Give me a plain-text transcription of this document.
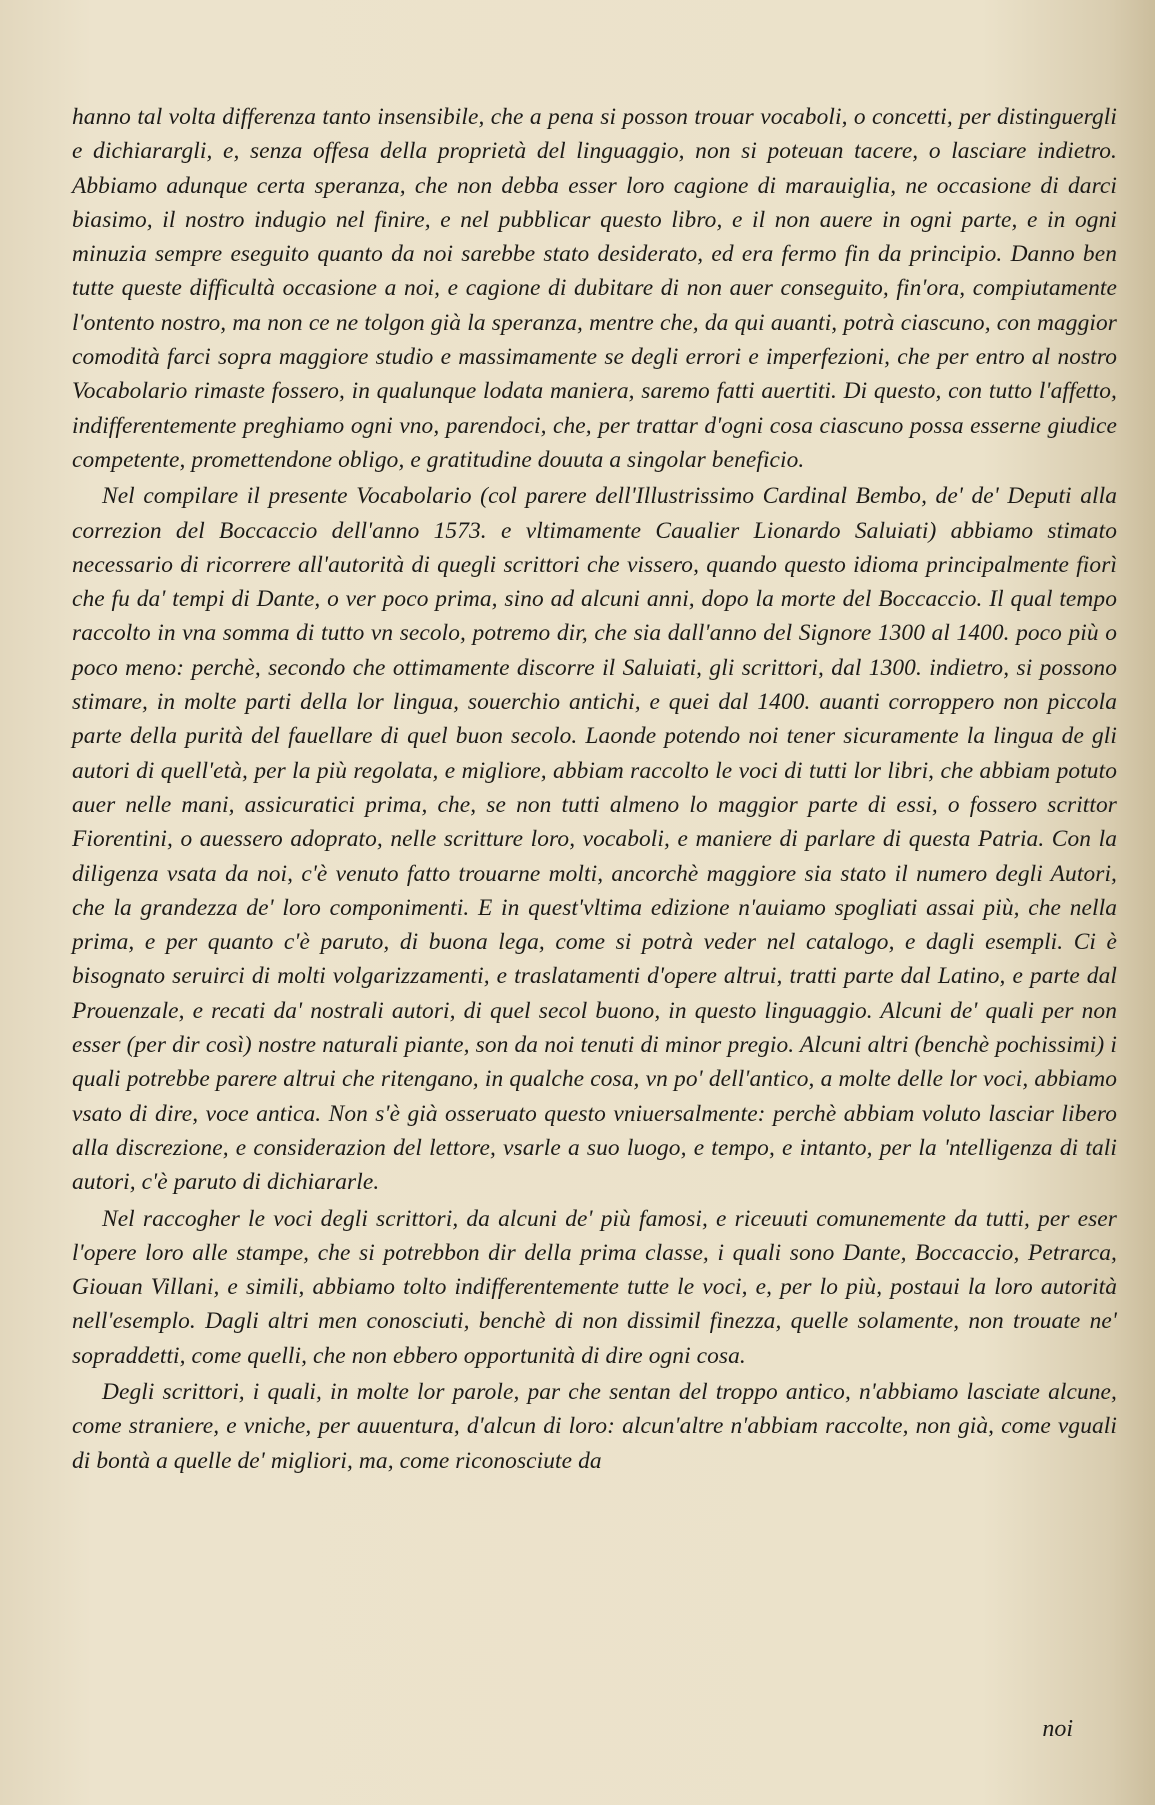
hanno tal volta differenza tanto insensibile, che a pena si posson trouar vocaboli, o concetti, per distinguergli e dichiarargli, e, senza offesa della proprietà del linguaggio, non si poteuan tacere, o lasciare indietro. Abbiamo adunque certa speranza, che non debba esser loro cagione di marauiglia, ne occasione di darci biasimo, il nostro indugio nel finire, e nel pubblicar questo libro, e il non auere in ogni parte, e in ogni minuzia sempre eseguito quanto da noi sarebbe stato desiderato, ed era fermo fin da principio. Danno ben tutte queste difficultà occasione a noi, e cagione di dubitare di non auer conseguito, fin'ora, compiutamente l'ontento nostro, ma non ce ne tolgon già la speranza, mentre che, da qui auanti, potrà ciascuno, con maggior comodità farci sopra maggiore studio e massimamente se degli errori e imperfezioni, che per entro al nostro Vocabolario rimaste fossero, in qualunque lodata maniera, saremo fatti auertiti. Di questo, con tutto l'affetto, indifferentemente preghiamo ogni vno, parendoci, che, per trattar d'ogni cosa ciascuno possa esserne giudice competente, promettendone obligo, e gratitudine douuta a singolar beneficio.

Nel compilare il presente Vocabolario (col parere dell'Illustrissimo Cardinal Bembo, de' de' Deputi alla correzion del Boccaccio dell'anno 1573. e vltimamente Caualier Lionardo Saluiati) abbiamo stimato necessario di ricorrere all'autorità di quegli scrittori che vissero, quando questo idioma principalmente fiorì che fu da' tempi di Dante, o ver poco prima, sino ad alcuni anni, dopo la morte del Boccaccio. Il qual tempo raccolto in vna somma di tutto vn secolo, potremo dir, che sia dall'anno del Signore 1300 al 1400. poco più o poco meno: perchè, secondo che ottimamente discorre il Saluiati, gli scrittori, dal 1300. indietro, si possono stimare, in molte parti della lor lingua, souerchio antichi, e quei dal 1400. auanti corroppero non piccola parte della purità del fauellare di quel buon secolo. Laonde potendo noi tener sicuramente la lingua de gli autori di quell'età, per la più regolata, e migliore, abbiam raccolto le voci di tutti lor libri, che abbiam potuto auer nelle mani, assicuratici prima, che, se non tutti almeno lo maggior parte di essi, o fossero scrittor Fiorentini, o auessero adoprato, nelle scritture loro, vocaboli, e maniere di parlare di questa Patria. Con la diligenza vsata da noi, c'è venuto fatto trouarne molti, ancorchè maggiore sia stato il numero degli Autori, che la grandezza de' loro componimenti. E in quest'vltima edizione n'auiamo spogliati assai più, che nella prima, e per quanto c'è paruto, di buona lega, come si potrà veder nel catalogo, e dagli esempli. Ci è bisognato seruirci di molti volgarizzamenti, e traslatamenti d'opere altrui, tratti parte dal Latino, e parte dal Prouenzale, e recati da' nostrali autori, di quel secol buono, in questo linguaggio. Alcuni de' quali per non esser (per dir così) nostre naturali piante, son da noi tenuti di minor pregio. Alcuni altri (benchè pochissimi) i quali potrebbe parere altrui che ritengano, in qualche cosa, vn po' dell'antico, a molte delle lor voci, abbiamo vsato di dire, voce antica. Non s'è già osseruato questo vniuersalmente: perchè abbiam voluto lasciar libero alla discrezione, e considerazion del lettore, vsarle a suo luogo, e tempo, e intanto, per la 'ntelligenza di tali autori, c'è paruto di dichiararle.

Nel raccogher le voci degli scrittori, da alcuni de' più famosi, e riceuuti comunemente da tutti, per eser l'opere loro alle stampe, che si potrebbon dir della prima classe, i quali sono Dante, Boccaccio, Petrarca, Giouan Villani, e simili, abbiamo tolto indifferentemente tutte le voci, e, per lo più, postaui la loro autorità nell'esemplo. Dagli altri men conosciuti, benchè di non dissimil finezza, quelle solamente, non trouate ne' sopraddetti, come quelli, che non ebbero opportunità di dire ogni cosa.

Degli scrittori, i quali, in molte lor parole, par che sentan del troppo antico, n'abbiamo lasciate alcune, come straniere, e vniche, per auuentura, d'alcun di loro: alcun'altre n'abbiam raccolte, non già, come vguali di bontà a quelle de' migliori, ma, come riconosciute da

noi
